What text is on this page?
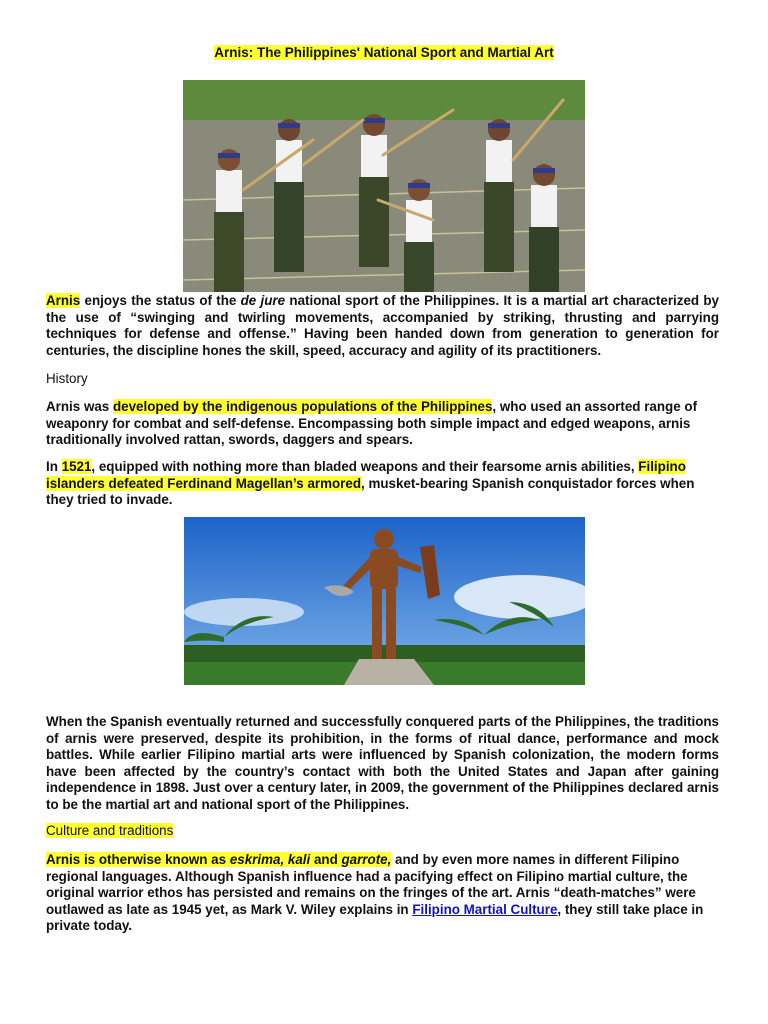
Arnis: The Philippines' National Sport and Martial Art

Arnis enjoys the status of the de jure national sport of the Philippines. It is a martial art characterized by the use of “swinging and twirling movements, accompanied by striking, thrusting and parrying techniques for defense and offense.” Having been handed down from generation to generation for centuries, the discipline hones the skill, speed, accuracy and agility of its practitioners.

History

Arnis was developed by the indigenous populations of the Philippines, who used an assorted range of weaponry for combat and self-defense. Encompassing both simple impact and edged weapons, arnis traditionally involved rattan, swords, daggers and spears.

In 1521, equipped with nothing more than bladed weapons and their fearsome arnis abilities, Filipino islanders defeated Ferdinand Magellan’s armored, musket-bearing Spanish conquistador forces when they tried to invade.

When the Spanish eventually returned and successfully conquered parts of the Philippines, the traditions of arnis were preserved, despite its prohibition, in the forms of ritual dance, performance and mock battles. While earlier Filipino martial arts were influenced by Spanish colonization, the modern forms have been affected by the country’s contact with both the United States and Japan after gaining independence in 1898. Just over a century later, in 2009, the government of the Philippines declared arnis to be the martial art and national sport of the Philippines.

Culture and traditions

Arnis is otherwise known as eskrima, kali and garrote, and by even more names in different Filipino regional languages. Although Spanish influence had a pacifying effect on Filipino martial culture, the original warrior ethos has persisted and remains on the fringes of the art. Arnis “death-matches” were outlawed as late as 1945 yet, as Mark V. Wiley explains in Filipino Martial Culture, they still take place in private today.
